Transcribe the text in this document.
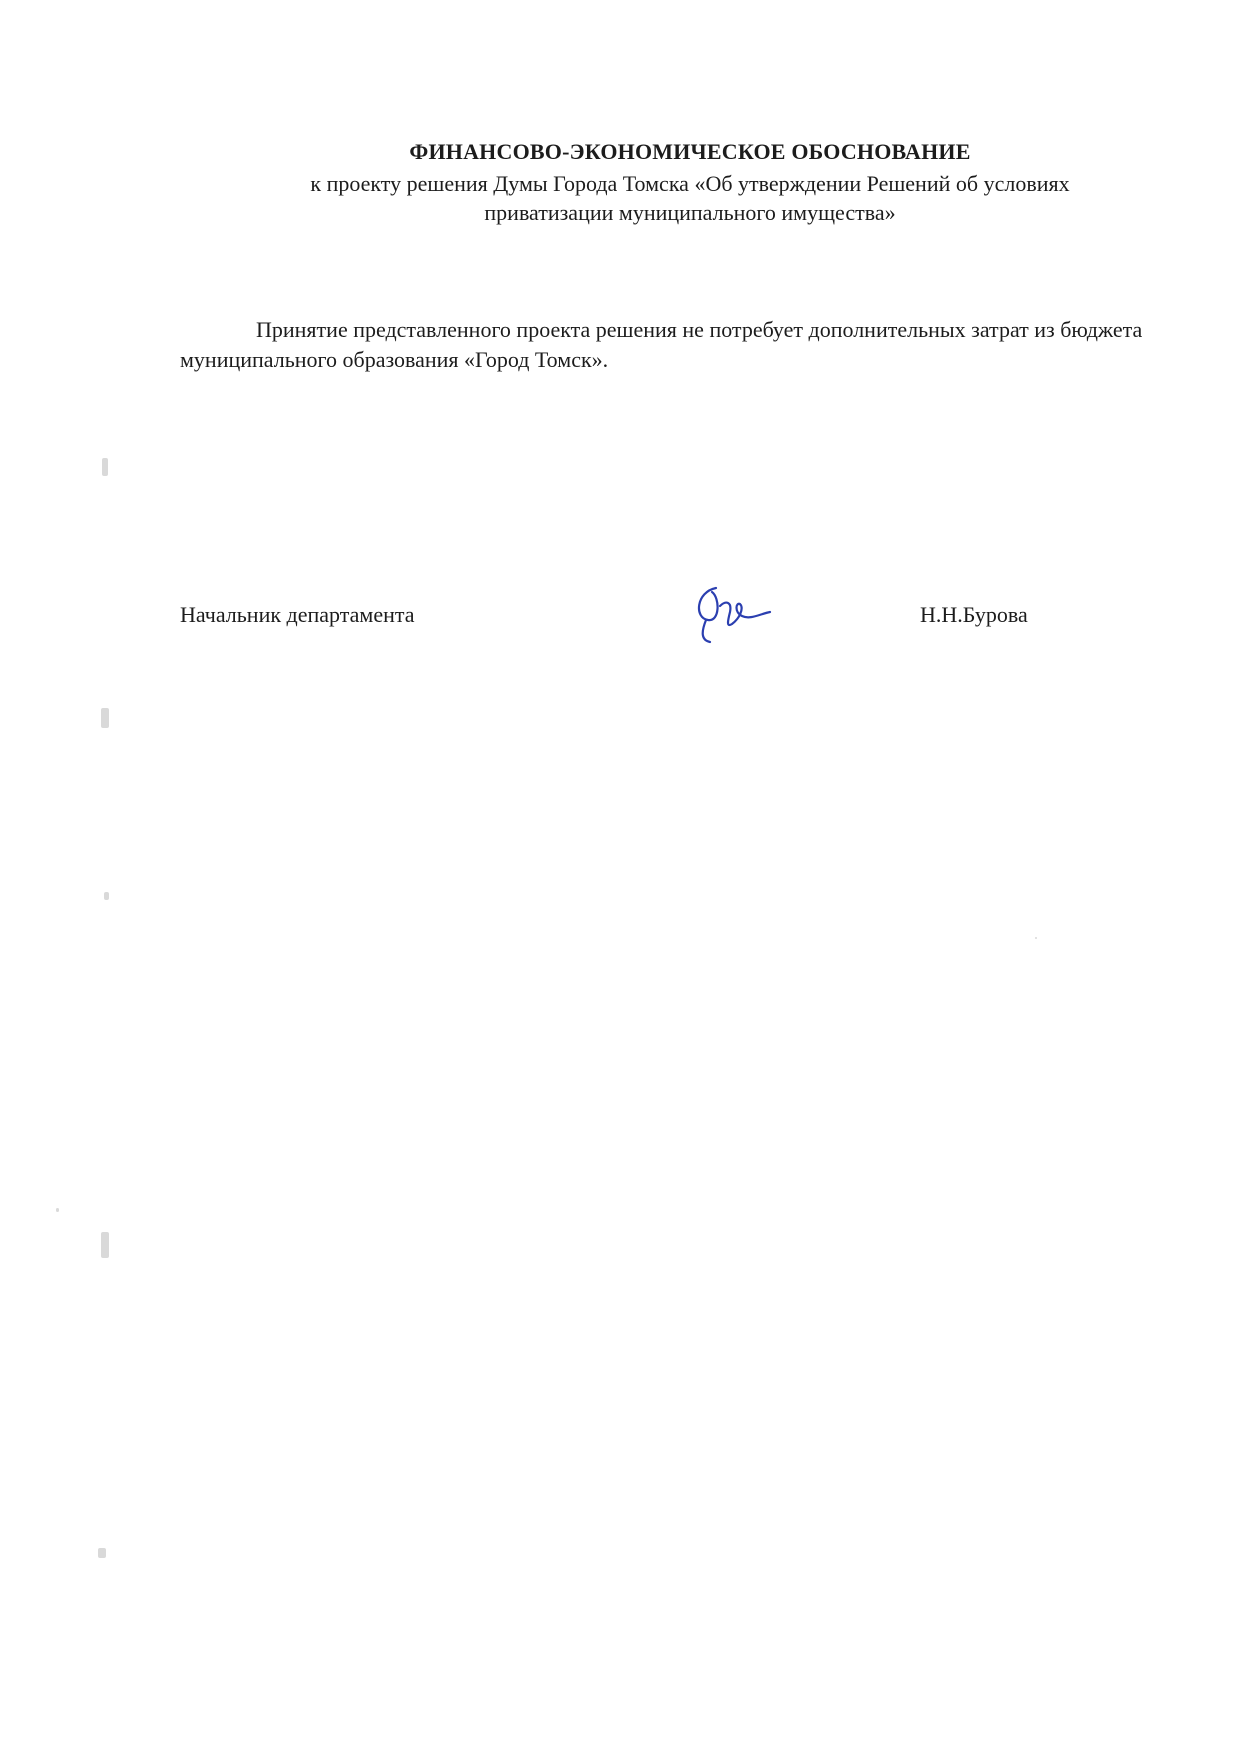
ФИНАНСОВО-ЭКОНОМИЧЕСКОЕ ОБОСНОВАНИЕ
к проекту решения Думы Города Томска «Об утверждении Решений об условиях
приватизации муниципального имущества»
Принятие представленного проекта решения не потребует дополнительных затрат из бюджета муниципального образования «Город Томск».
Начальник департамента	Н.Н.Бурова
